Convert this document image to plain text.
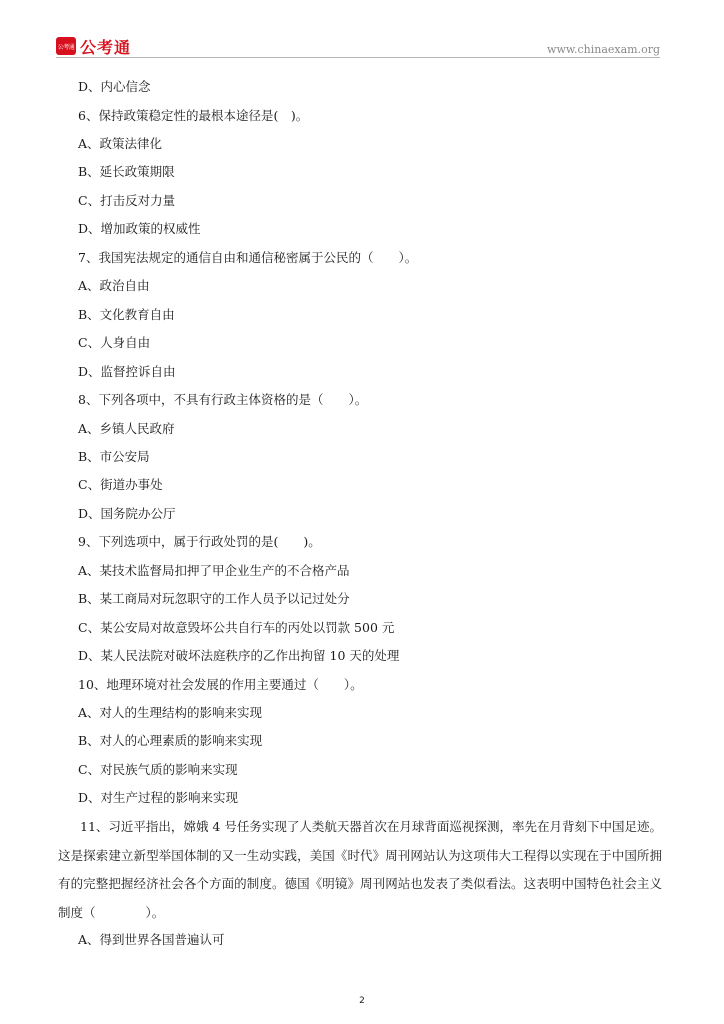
公考通 公考通	www.chinaexam.org
D、内心信念
6、保持政策稳定性的最根本途径是(　)。
A、政策法律化
B、延长政策期限
C、打击反对力量
D、增加政策的权威性
7、我国宪法规定的通信自由和通信秘密属于公民的（　　）。
A、政治自由
B、文化教育自由
C、人身自由
D、监督控诉自由
8、下列各项中，不具有行政主体资格的是（　　）。
A、乡镇人民政府
B、市公安局
C、街道办事处
D、国务院办公厅
9、下列选项中，属于行政处罚的是(　　)。
A、某技术监督局扣押了甲企业生产的不合格产品
B、某工商局对玩忽职守的工作人员予以记过处分
C、某公安局对故意毁坏公共自行车的丙处以罚款 500 元
D、某人民法院对破坏法庭秩序的乙作出拘留 10 天的处理
10、地理环境对社会发展的作用主要通过（　　）。
A、对人的生理结构的影响来实现
B、对人的心理素质的影响来实现
C、对民族气质的影响来实现
D、对生产过程的影响来实现
11、习近平指出，嫦娥 4 号任务实现了人类航天器首次在月球背面巡视探测，率先在月背刻下中国足迹。这是探索建立新型举国体制的又一生动实践，美国《时代》周刊网站认为这项伟大工程得以实现在于中国所拥有的完整把握经济社会各个方面的制度。德国《明镜》周刊网站也发表了类似看法。这表明中国特色社会主义制度（　　　　）。
A、得到世界各国普遍认可
2
